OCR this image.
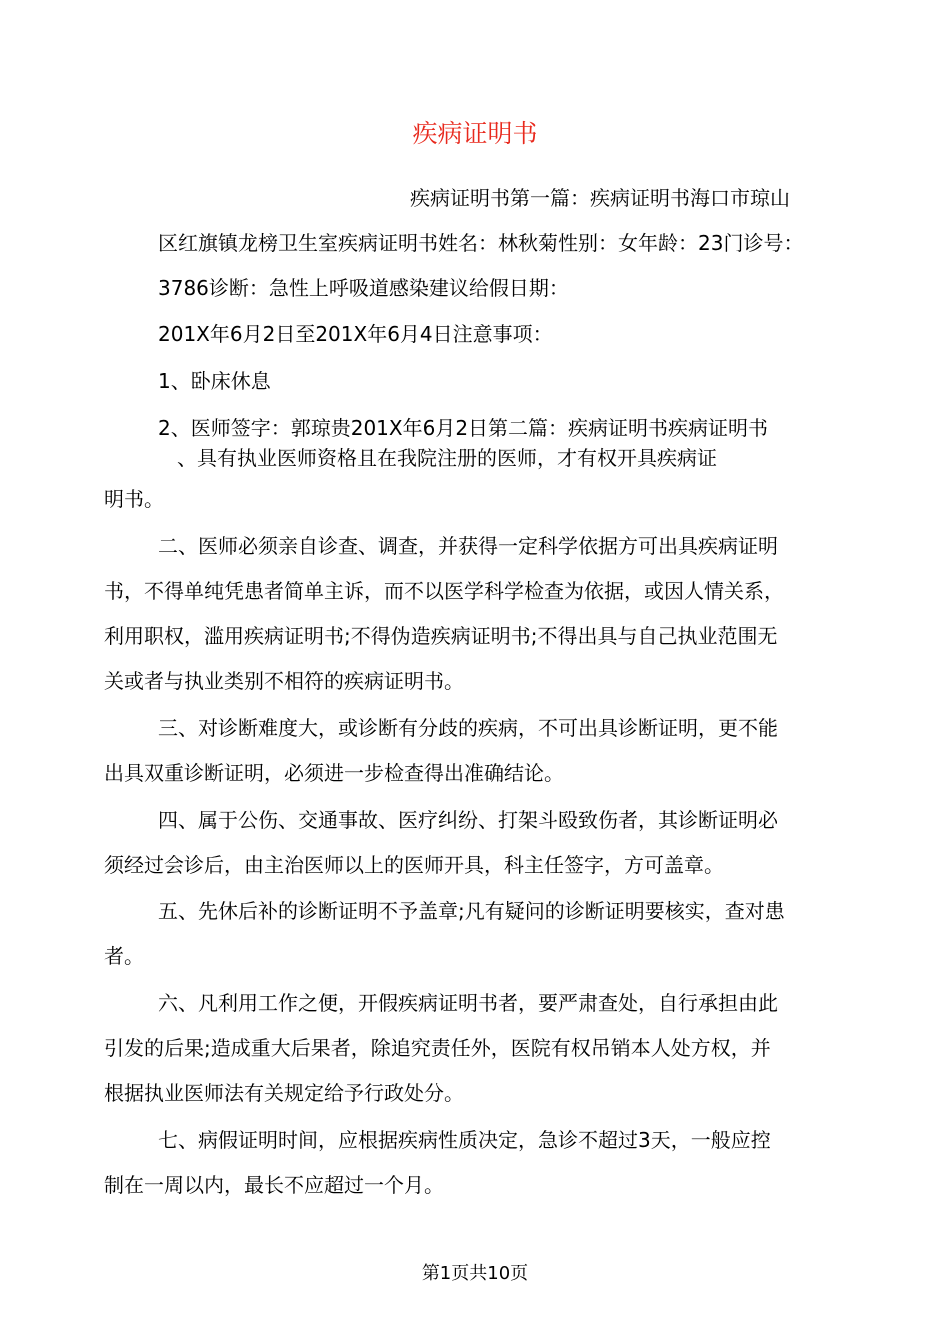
疾病证明书
疾病证明书第一篇：疾病证明书海口市琼山
区红旗镇龙榜卫生室疾病证明书姓名：林秋菊性别：女年龄：23门诊号：
3786诊断：急性上呼吸道感染建议给假日期：
201X年6月2日至201X年6月4日注意事项：
1、卧床休息
2、医师签字：郭琼贵201X年6月2日第二篇：疾病证明书疾病证明书
、具有执业医师资格且在我院注册的医师，才有权开具疾病证
明书。
二、医师必须亲自诊查、调查，并获得一定科学依据方可出具疾病证明
书，不得单纯凭患者简单主诉，而不以医学科学检查为依据，或因人情关系，
利用职权，滥用疾病证明书;不得伪造疾病证明书;不得出具与自己执业范围无
关或者与执业类别不相符的疾病证明书。
三、对诊断难度大，或诊断有分歧的疾病，不可出具诊断证明，更不能
出具双重诊断证明，必须进一步检查得出准确结论。
四、属于公伤、交通事故、医疗纠纷、打架斗殴致伤者，其诊断证明必
须经过会诊后，由主治医师以上的医师开具，科主任签字，方可盖章。
五、先休后补的诊断证明不予盖章;凡有疑问的诊断证明要核实，查对患
者。
六、凡利用工作之便，开假疾病证明书者，要严肃查处，自行承担由此
引发的后果;造成重大后果者，除追究责任外，医院有权吊销本人处方权，并
根据执业医师法有关规定给予行政处分。
七、病假证明时间，应根据疾病性质决定，急诊不超过3天，一般应控
制在一周以内，最长不应超过一个月。
第1页共10页
